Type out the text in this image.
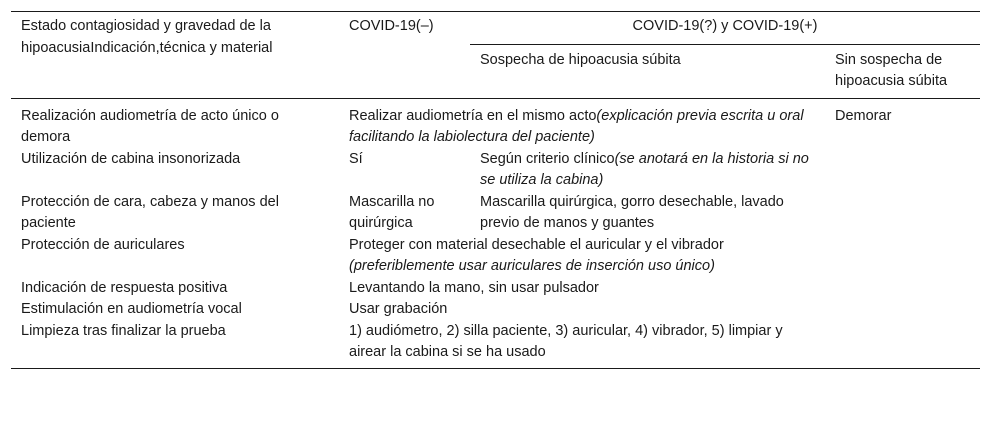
Estado contagiosidad y gravedad de la hipoacusiaIndicación,técnica y material	COVID-19(–)	COVID-19(?) y COVID-19(+)	
		Sospecha de hipoacusia súbita	Sin sospecha de hipoacusia súbita
Realización audiometría de acto único o demora	Realizar audiometría en el mismo acto(explicación previa escrita u oral facilitando la labiolectura del paciente)		Demorar
Utilización de cabina insonorizada	Sí	Según criterio clínico(se anotará en la historia si no se utiliza la cabina)	
Protección de cara, cabeza y manos del paciente	Mascarilla no quirúrgica	Mascarilla quirúrgica, gorro desechable, lavado previo de manos y guantes	
Protección de auriculares	Proteger con material desechable el auricular y el vibrador (preferiblemente usar auriculares de inserción uso único)		
Indicación de respuesta positiva	Levantando la mano, sin usar pulsador		
Estimulación en audiometría vocal	Usar grabación		
Limpieza tras finalizar la prueba	1) audiómetro, 2) silla paciente, 3) auricular, 4) vibrador, 5) limpiar y airear la cabina si se ha usado		
